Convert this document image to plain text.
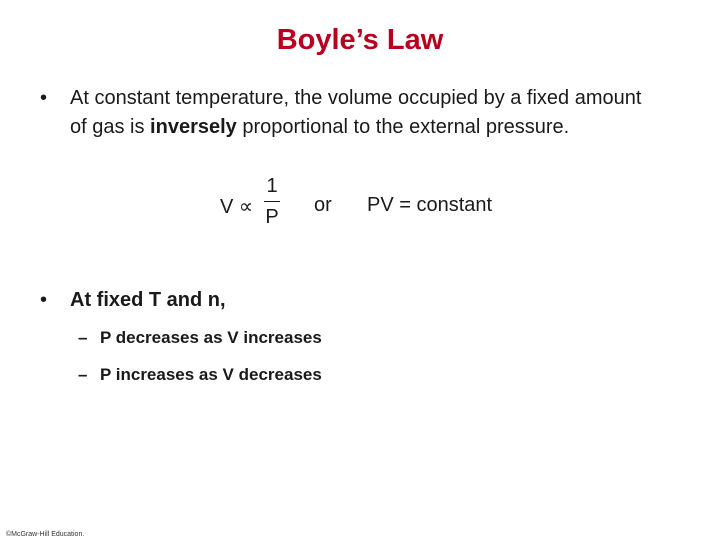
Boyle’s Law
• At constant temperature, the volume occupied by a fixed amount of gas is inversely proportional to the external pressure.
V ∝
1
P
or PV = constant
• At fixed T and n,
– P decreases as V increases
– P increases as V decreases
©McGraw-Hill Education.
